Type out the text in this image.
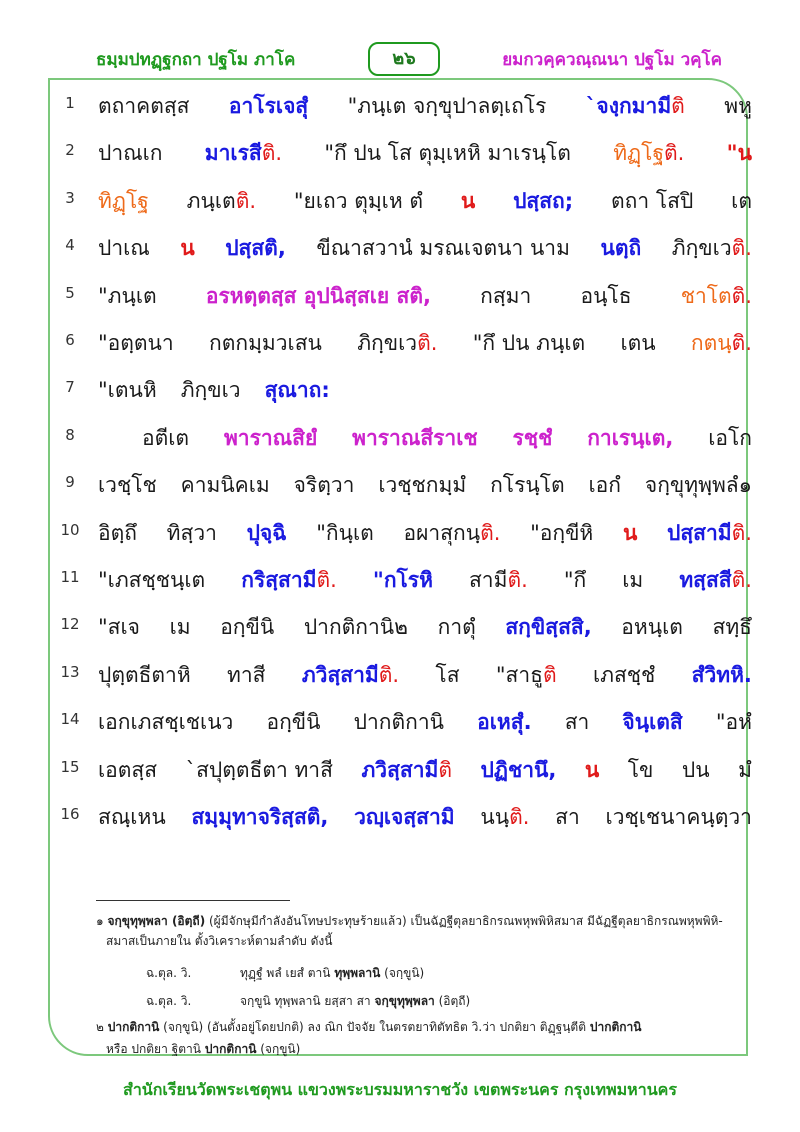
ธมฺมปทฏฺฐกถา ปฐโม ภาโค	๒๖	ยมกวคฺควณฺณนา ปฐโม วคฺโค
1 ตถาคตสฺส อาโรเจสุํ "ภนฺเต จกฺขุปาลตฺเถโร `จงฺกมามีติ พหู
2 ปาณเก มาเรสีติ. "กึ ปน โส ตุมฺเหหิ มาเรนฺโต ทิฏฺโฐติ. "น
3 ทิฏฺโฐ ภนฺเตติ. "ยเถว ตุมฺเห ตํ น ปสฺสถ; ตถา โสปิ เต
4 ปาเณ น ปสฺสติ, ขีณาสวานํ มรณเจตนา นาม นตฺถิ ภิกฺขเวติ.
5 "ภนฺเต อรหตฺตสฺส อุปนิสฺสเย สติ, กสฺมา อนฺโธ ชาโตติ.
6 "อตฺตนา กตกมฺมวเสน ภิกฺขเวติ. "กึ ปน ภนฺเต เตน กตนฺติ.
7 "เตนหิ ภิกฺขเว สุณาถ:
8	อตีเต พาราณสิยํ พาราณสีราเช รชฺชํ กาเรนฺเต, เอโก
9 เวชฺโช คามนิคเม จริตฺวา เวชฺชกมฺมํ กโรนฺโต เอกํ จกฺขุทุพฺพลํ๑
10 อิตฺถึ ทิสฺวา ปุจฺฉิ "กินฺเต อผาสุกนฺติ. "อกฺขีหิ น ปสฺสามีติ.
11 "เภสชฺชนฺเต กริสฺสามีติ. "กโรหิ สามีติ. "กึ เม ทสฺสสีติ.
12 "สเจ เม อกฺขีนิ ปากติกานิ๒ กาตุํ สกฺขิสฺสสิ, อหนฺเต สทฺธึ
13 ปุตฺตธีตาหิ ทาสี ภวิสฺสามีติ. โส "สาธูติ เภสชฺชํ สํวิทหิ.
14 เอกเภสชฺเชเนว อกฺขีนิ ปากติกานิ อเหสุํ. สา จินฺเตสิ "อหํ
15 เอตสฺส `สปุตฺตธีตา ทาสี ภวิสฺสามีติ ปฏิชานึ, น โข ปน มํ
16 สณฺเหน สมฺมุทาจริสฺสติ, วญฺเจสฺสามิ นนฺติ. สา เวชฺเชนาคนฺตฺวา
๑ จกฺขุทุพฺพลา (อิตฺถี) (ผู้มีจักษุมีกำลังอันโทษประทุษร้ายแล้ว) เป็นฉัฏฐีตุลยาธิกรณพหุพพิหิสมาส มีฉัฏฐีตุลยาธิกรณพหุพพิหิ-
สมาสเป็นภายใน ตั้งวิเคราะห์ตามลำดับ ดังนี้
ฉ.ตุล. วิ.	ทุฏฺฐํ พลํ เยสํ ตานิ ทุพฺพลานิ (จกฺขูนิ)
ฉ.ตุล. วิ.	จกฺขูนิ ทุพฺพลานิ ยสฺสา สา จกฺขุทุพฺพลา (อิตฺถี)
๒ ปากติกานิ (จกฺขูนิ) (อันตั้งอยู่โดยปกติ) ลง ณิก ปัจจัย ในตรตยาทิตัทธิต วิ.ว่า ปกติยา ติฏฺฐนฺตีติ ปากติกานิ
หรือ ปกติยา ฐิตานิ ปากติกานิ (จกฺขูนิ)
สำนักเรียนวัดพระเชตุพน แขวงพระบรมมหาราชวัง เขตพระนคร กรุงเทพมหานคร
